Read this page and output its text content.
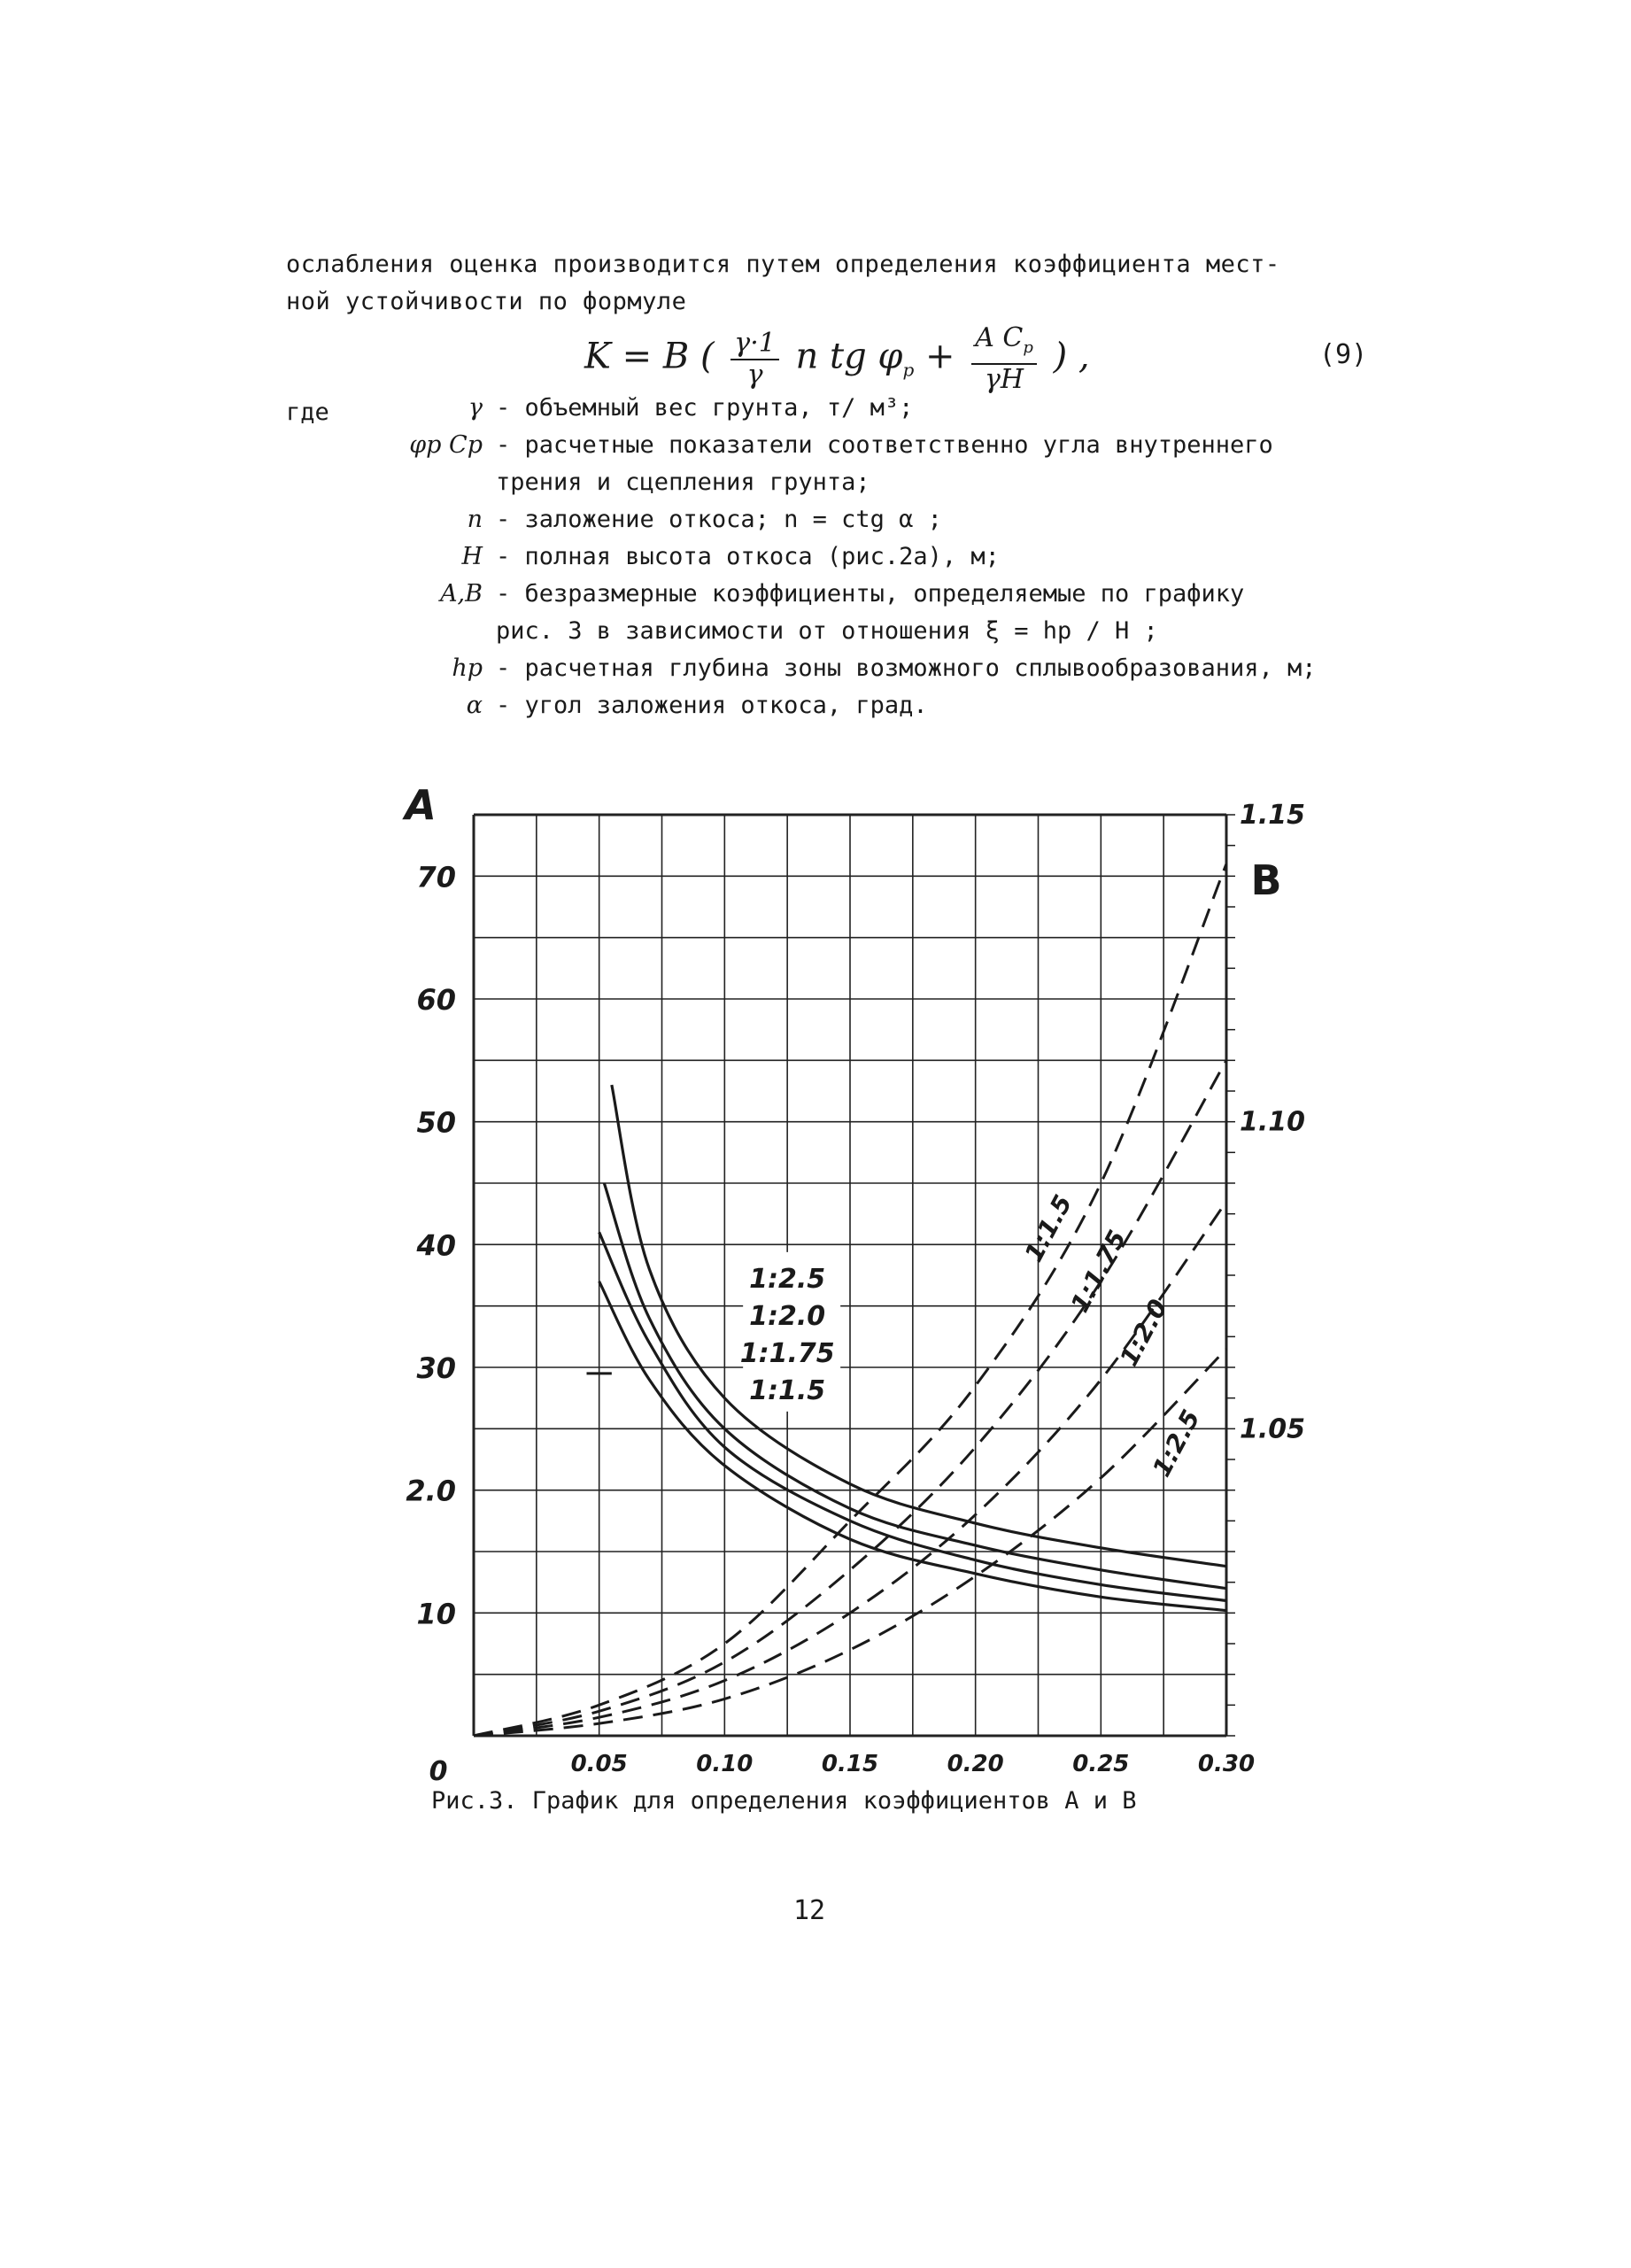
ослабления оценка производится путем определения коэффициента мест-
ной устойчивости по формуле
K = B ( $\frac{\gamma\cdot 1}{\gamma}$ n tg $\varphi_р + \frac{A C_р}{\gamma H}$ ) ,	(9)
где	γ - объемный вес грунта, т/ м³;
φр Ср - расчетные показатели соответственно угла внутреннего
трения и сцепления грунта;
n - заложение откоса; n = ctg α ;
H - полная высота откоса (рис.2а), м;
A,B - безразмерные коэффициенты, определяемые по графику
рис. 3 в зависимости от отношения ξ = hр / H ;
hр - расчетная глубина зоны возможного сплывообразования, м;
α - угол заложения откоса, град.
70
60
50
40
30
2.0
10
A	1.15
1.10
1.05
B
0	0.05	0.10	0.15	0.20	0.25	0.30
1:2.5
1:2.0
1:1.75
1:1.5
1:1.5
1:1.75
1:2.0
1:2.5
Рис.3. График для определения коэффициентов А и В
12
